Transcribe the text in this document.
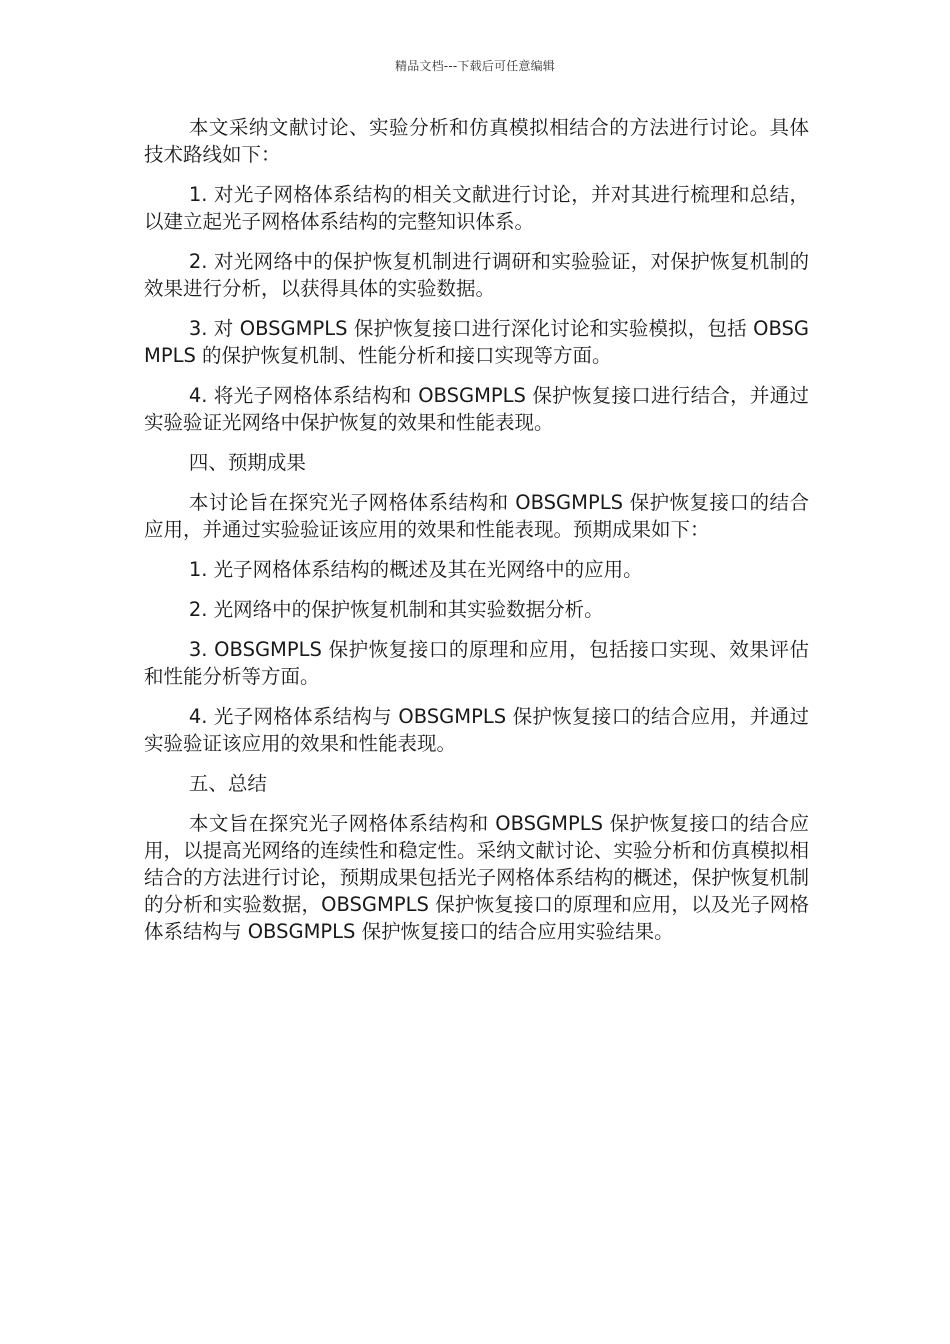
精品文档---下载后可任意编辑

本文采纳文献讨论、实验分析和仿真模拟相结合的方法进行讨论。具体技术路线如下：

1. 对光子网格体系结构的相关文献进行讨论，并对其进行梳理和总结，以建立起光子网格体系结构的完整知识体系。

2. 对光网络中的保护恢复机制进行调研和实验验证，对保护恢复机制的效果进行分析，以获得具体的实验数据。

3. 对 OBSGMPLS 保护恢复接口进行深化讨论和实验模拟，包括 OBSGMPLS 的保护恢复机制、性能分析和接口实现等方面。

4. 将光子网格体系结构和 OBSGMPLS 保护恢复接口进行结合，并通过实验验证光网络中保护恢复的效果和性能表现。

四、预期成果

本讨论旨在探究光子网格体系结构和 OBSGMPLS 保护恢复接口的结合应用，并通过实验验证该应用的效果和性能表现。预期成果如下：

1. 光子网格体系结构的概述及其在光网络中的应用。

2. 光网络中的保护恢复机制和其实验数据分析。

3. OBSGMPLS 保护恢复接口的原理和应用，包括接口实现、效果评估和性能分析等方面。

4. 光子网格体系结构与 OBSGMPLS 保护恢复接口的结合应用，并通过实验验证该应用的效果和性能表现。

五、总结

本文旨在探究光子网格体系结构和 OBSGMPLS 保护恢复接口的结合应用，以提高光网络的连续性和稳定性。采纳文献讨论、实验分析和仿真模拟相结合的方法进行讨论，预期成果包括光子网格体系结构的概述，保护恢复机制的分析和实验数据，OBSGMPLS 保护恢复接口的原理和应用，以及光子网格体系结构与 OBSGMPLS 保护恢复接口的结合应用实验结果。
